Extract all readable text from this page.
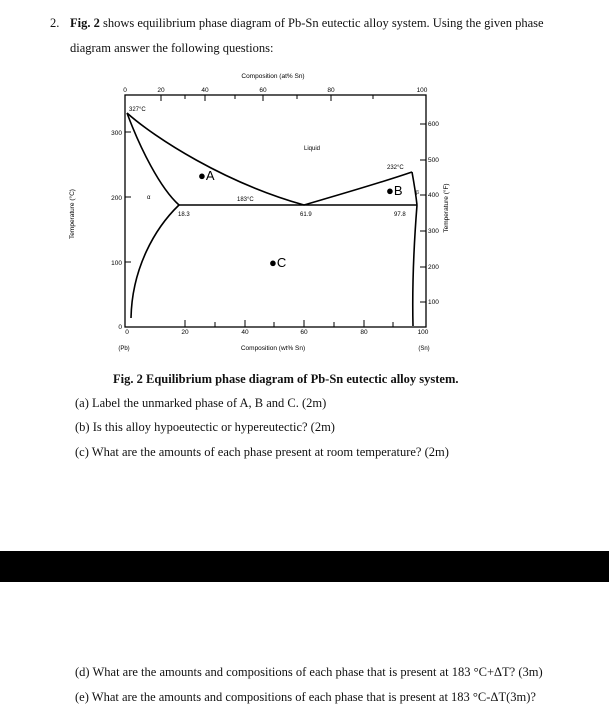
2. Fig. 2 shows equilibrium phase diagram of Pb-Sn eutectic alloy system. Using the given phase
diagram answer the following questions:
Composition (at% Sn)
0	20	40	60	80	100
0	20	40	60	80	100
(Pb)	Composition (wt% Sn)	(Sn)
Temperature (°C)
300
200
100
0
Temperature (°F)
600
500
400
300
200
100
327°C
232°C
183°C
Liquid
α
β
18.3	61.9	97.8
●A
●B
●C
Fig. 2 Equilibrium phase diagram of Pb-Sn eutectic alloy system.
(a) Label the unmarked phase of A, B and C. (2m)
(b) Is this alloy hypoeutectic or hypereutectic? (2m)
(c) What are the amounts of each phase present at room temperature? (2m)
(d) What are the amounts and compositions of each phase that is present at 183 °C+ΔT? (3m)
(e) What are the amounts and compositions of each phase that is present at 183 °C-ΔT(3m)?
